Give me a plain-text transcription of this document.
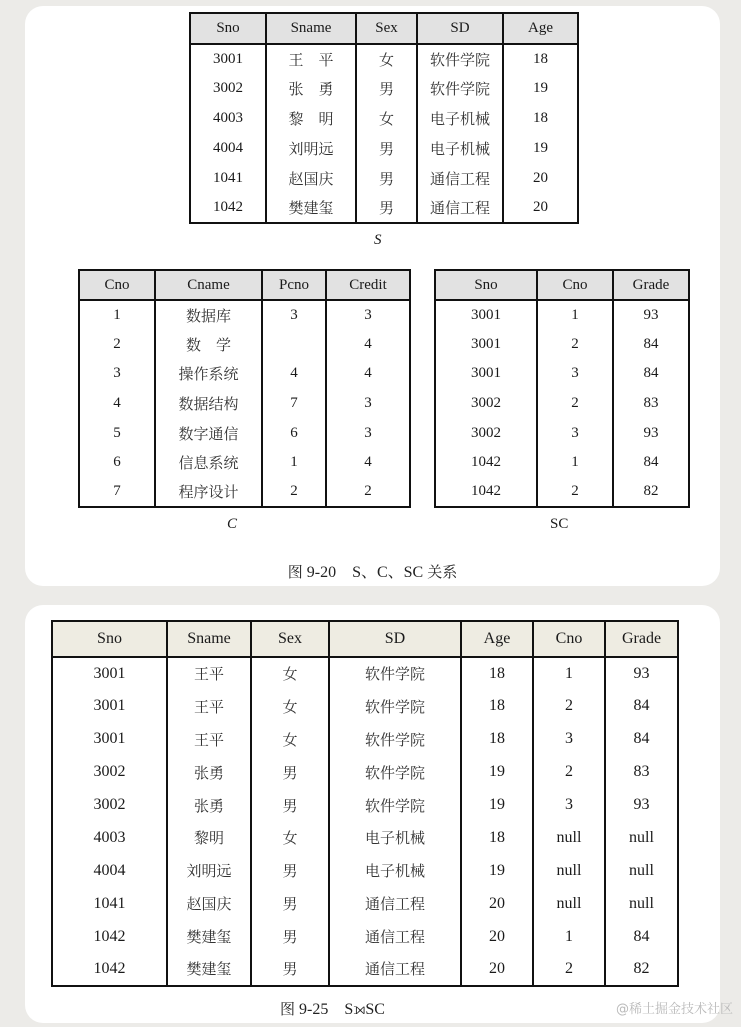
Sno	Sname	Sex	SD	Age
3001	王　平	女	软件学院	18
3002	张　勇	男	软件学院	19
4003	黎　明	女	电子机械	18
4004	刘明远	男	电子机械	19
1041	赵国庆	男	通信工程	20
1042	樊建玺	男	通信工程	20
S
Cno	Cname	Pcno	Credit
1	数据库	3	3
2	数　学		4
3	操作系统	4	4
4	数据结构	7	3
5	数字通信	6	3
6	信息系统	1	4
7	程序设计	2	2
C
Sno	Cno	Grade
3001	1	93
3001	2	84
3001	3	84
3002	2	83
3002	3	93
1042	1	84
1042	2	82
SC
图 9-20　S、C、SC 关系
Sno	Sname	Sex	SD	Age	Cno	Grade
3001	王平	女	软件学院	18	1	93
3001	王平	女	软件学院	18	2	84
3001	王平	女	软件学院	18	3	84
3002	张勇	男	软件学院	19	2	83
3002	张勇	男	软件学院	19	3	93
4003	黎明	女	电子机械	18	null	null
4004	刘明远	男	电子机械	19	null	null
1041	赵国庆	男	通信工程	20	null	null
1042	樊建玺	男	通信工程	20	1	84
1042	樊建玺	男	通信工程	20	2	82
图 9-25　S⟕SC	@稀土掘金技术社区
